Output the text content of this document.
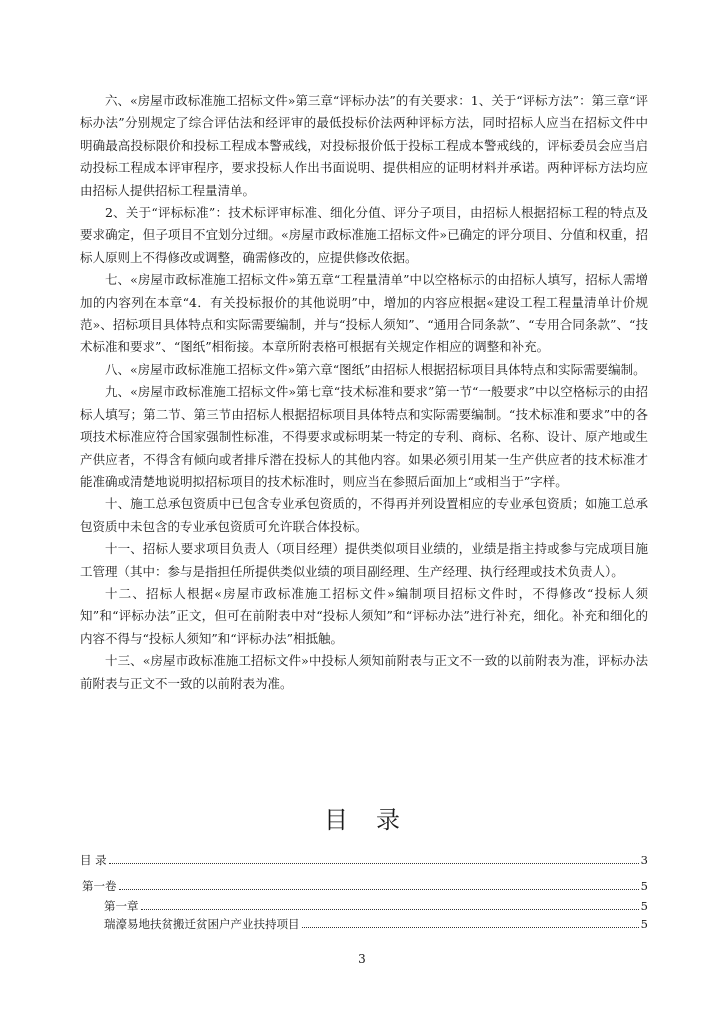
六、«房屋市政标准施工招标文件»第三章“评标办法”的有关要求：1、关于“评标方法”：第三章“评标办法”分别规定了综合评估法和经评审的最低投标价法两种评标方法，同时招标人应当在招标文件中明确最高投标限价和投标工程成本警戒线，对投标报价低于投标工程成本警戒线的，评标委员会应当启动投标工程成本评审程序，要求投标人作出书面说明、提供相应的证明材料并承诺。两种评标方法均应由招标人提供招标工程量清单。

2、关于“评标标准”：技术标评审标准、细化分值、评分子项目，由招标人根据招标工程的特点及要求确定，但子项目不宜划分过细。«房屋市政标准施工招标文件»已确定的评分项目、分值和权重，招标人原则上不得修改或调整，确需修改的，应提供修改依据。

七、«房屋市政标准施工招标文件»第五章“工程量清单”中以空格标示的由招标人填写，招标人需增加的内容列在本章“4．有关投标报价的其他说明”中，增加的内容应根据«建设工程工程量清单计价规范»、招标项目具体特点和实际需要编制，并与“投标人须知”、“通用合同条款”、“专用合同条款”、“技术标准和要求”、“图纸”相衔接。本章所附表格可根据有关规定作相应的调整和补充。

八、«房屋市政标准施工招标文件»第六章“图纸”由招标人根据招标项目具体特点和实际需要编制。

九、«房屋市政标准施工招标文件»第七章“技术标准和要求”第一节“一般要求”中以空格标示的由招标人填写；第二节、第三节由招标人根据招标项目具体特点和实际需要编制。“技术标准和要求”中的各项技术标准应符合国家强制性标准，不得要求或标明某一特定的专利、商标、名称、设计、原产地或生产供应者，不得含有倾向或者排斥潜在投标人的其他内容。如果必须引用某一生产供应者的技术标准才能准确或清楚地说明拟招标项目的技术标准时，则应当在参照后面加上“或相当于”字样。

十、施工总承包资质中已包含专业承包资质的，不得再并列设置相应的专业承包资质；如施工总承包资质中未包含的专业承包资质可允许联合体投标。

十一、招标人要求项目负责人（项目经理）提供类似项目业绩的，业绩是指主持或参与完成项目施工管理（其中：参与是指担任所提供类似业绩的项目副经理、生产经理、执行经理或技术负责人）。

十二、招标人根据«房屋市政标准施工招标文件»编制项目招标文件时，不得修改“投标人须知”和“评标办法”正文，但可在前附表中对“投标人须知”和“评标办法”进行补充，细化。补充和细化的内容不得与“投标人须知”和“评标办法”相抵触。

十三、«房屋市政标准施工招标文件»中投标人须知前附表与正文不一致的以前附表为准，评标办法前附表与正文不一致的以前附表为准。

目录
目 录	3
第一卷	5
第一章	5
瑞濠易地扶贫搬迁贫困户产业扶持项目	5
3
